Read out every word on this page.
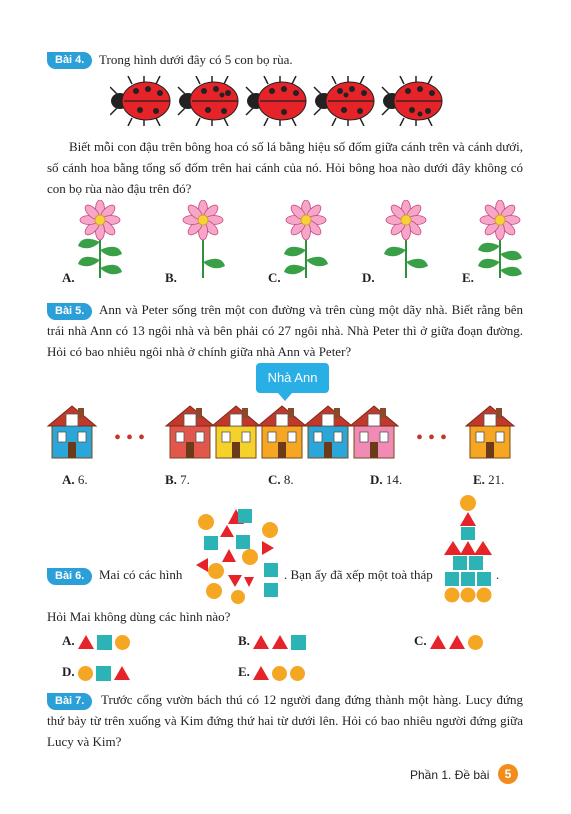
Bài 4.	Trong hình dưới đây có 5 con bọ rùa.
Biết mỗi con đậu trên bông hoa có số lá bằng hiệu số đốm giữa cánh trên và cánh dưới, số cánh hoa bằng tổng số đốm trên hai cánh của nó. Hỏi bông hoa nào dưới đây không có con bọ rùa nào đậu trên đó?
A.	B.	C.	D.	E.
Bài 5.	Ann và Peter sống trên một con đường và trên cùng một dãy nhà. Biết rằng bên trái nhà Ann có 13 ngôi nhà và bên phải có 27 ngôi nhà. Nhà Peter thì ở giữa đoạn đường. Hỏi có bao nhiêu ngôi nhà ở chính giữa nhà Ann và Peter?
Nhà Ann
• • •	• • •
A. 6.	B. 7.	C. 8.	D. 14.	E. 21.
Bài 6.	Mai có các hình	. Bạn ấy đã xếp một toà tháp	.
Hỏi Mai không dùng các hình nào?
A.	B.	C.
D.	E.
Bài 7.	Trước cổng vườn bách thú có 12 người đang đứng thành một hàng. Lucy đứng thứ bảy từ trên xuống và Kim đứng thứ hai từ dưới lên. Hỏi có bao nhiêu người đứng giữa Lucy và Kim?
Phần 1. Đề bài	5
